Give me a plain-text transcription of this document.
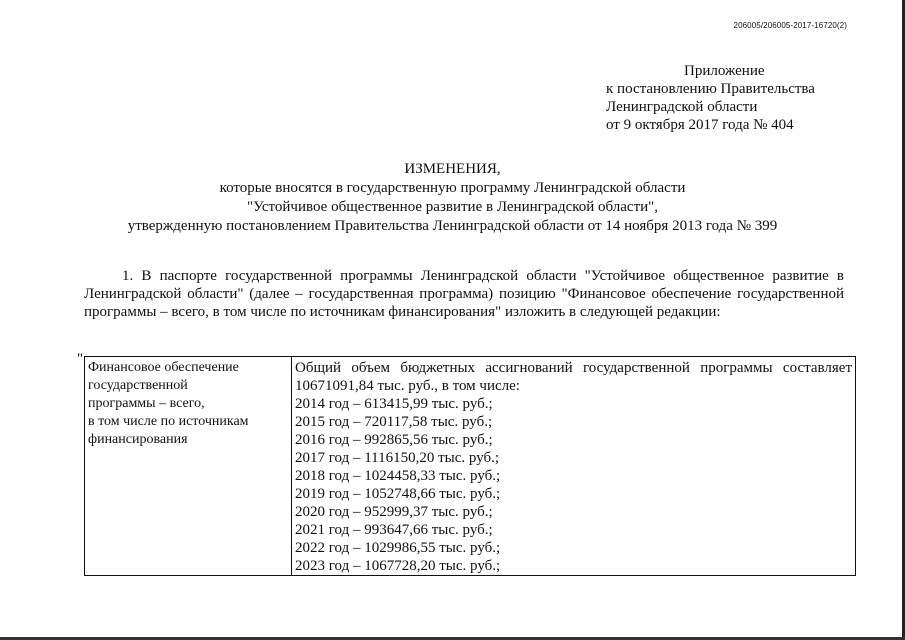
206005/206005-2017-16720(2)
Приложение
к постановлению Правительства
Ленинградской области
от 9 октября 2017 года № 404
ИЗМЕНЕНИЯ,
которые вносятся в государственную программу Ленинградской области
"Устойчивое общественное развитие в Ленинградской области",
утвержденную постановлением Правительства Ленинградской области от 14 ноября 2013 года № 399

1. В паспорте государственной программы Ленинградской области "Устойчивое общественное развитие в Ленинградской области" (далее – государственная программа) позицию "Финансовое обеспечение государственной программы – всего, в том числе по источникам финансирования" изложить в следующей редакции:

"
Финансовое обеспечение
государственной
программы – всего,
в том числе по источникам
финансирования

Общий объем бюджетных ассигнований государственной программы составляет 10671091,84 тыс. руб., в том числе:
2014 год – 613415,99 тыс. руб.;
2015 год – 720117,58 тыс. руб.;
2016 год – 992865,56 тыс. руб.;
2017 год – 1116150,20 тыс. руб.;
2018 год – 1024458,33 тыс. руб.;
2019 год – 1052748,66 тыс. руб.;
2020 год – 952999,37 тыс. руб.;
2021 год – 993647,66 тыс. руб.;
2022 год – 1029986,55 тыс. руб.;
2023 год – 1067728,20 тыс. руб.;
